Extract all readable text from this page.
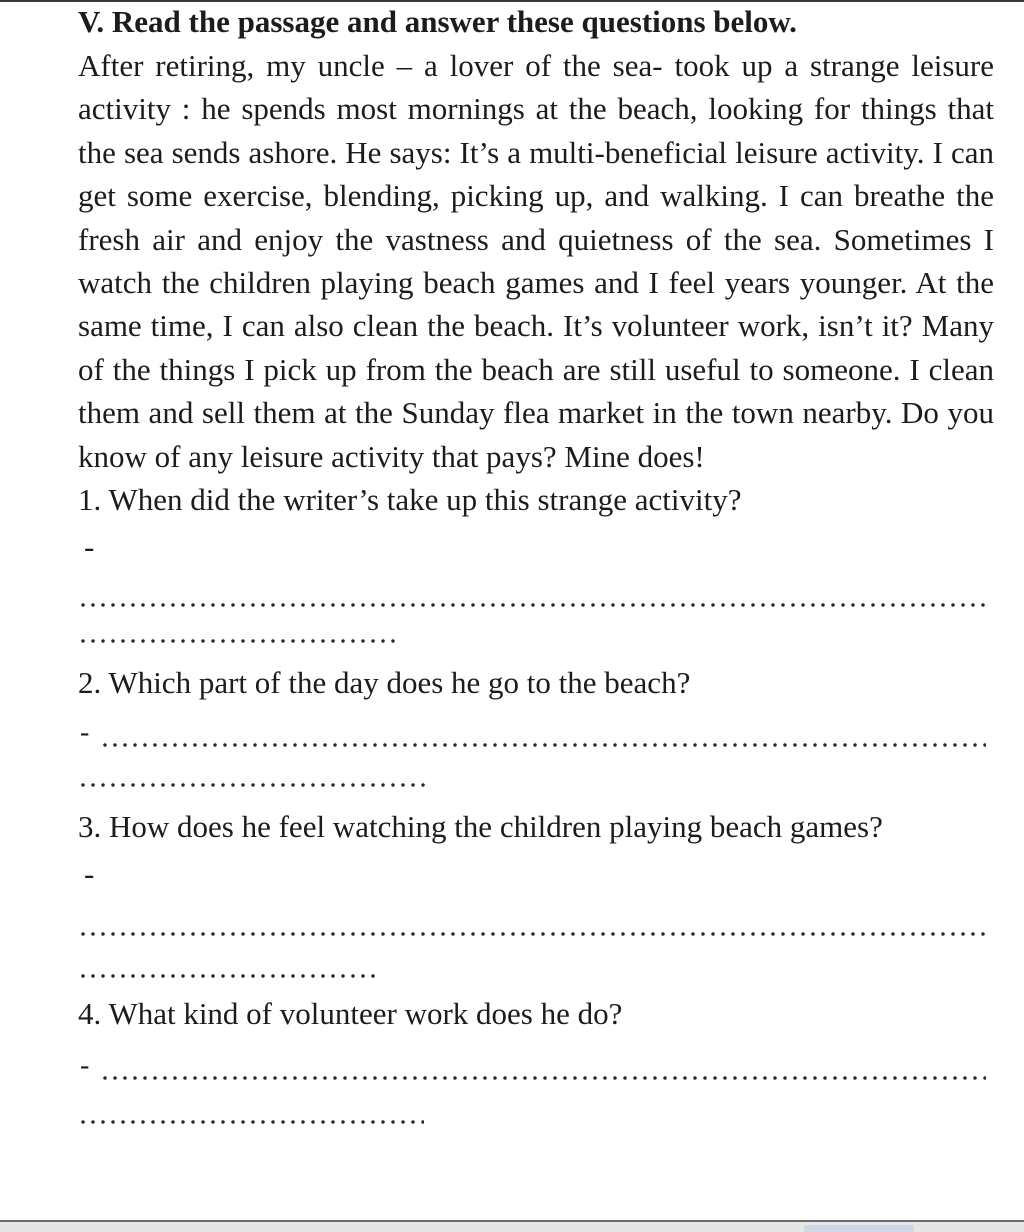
V. Read the passage and answer these questions below.

After retiring, my uncle – a lover of the sea- took up a strange leisure activity : he spends most mornings at the beach, looking for things that the sea sends ashore. He says: It’s a multi-beneficial leisure activity. I can get some exercise, blending, picking up, and walking. I can breathe the fresh air and enjoy the vastness and quietness of the sea. Sometimes I watch the children playing beach games and I feel years younger. At the same time, I can also clean the beach. It’s volunteer work, isn’t it? Many of the things I pick up from the beach are still useful to someone. I clean them and sell them at the Sunday flea market in the town nearby. Do you know of any leisure activity that pays? Mine does!

1. When did the writer’s take up this strange activity?

-

2. Which part of the day does he go to the beach?

-

3. How does he feel watching the children playing beach games?

-

4. What kind of volunteer work does he do?

-
